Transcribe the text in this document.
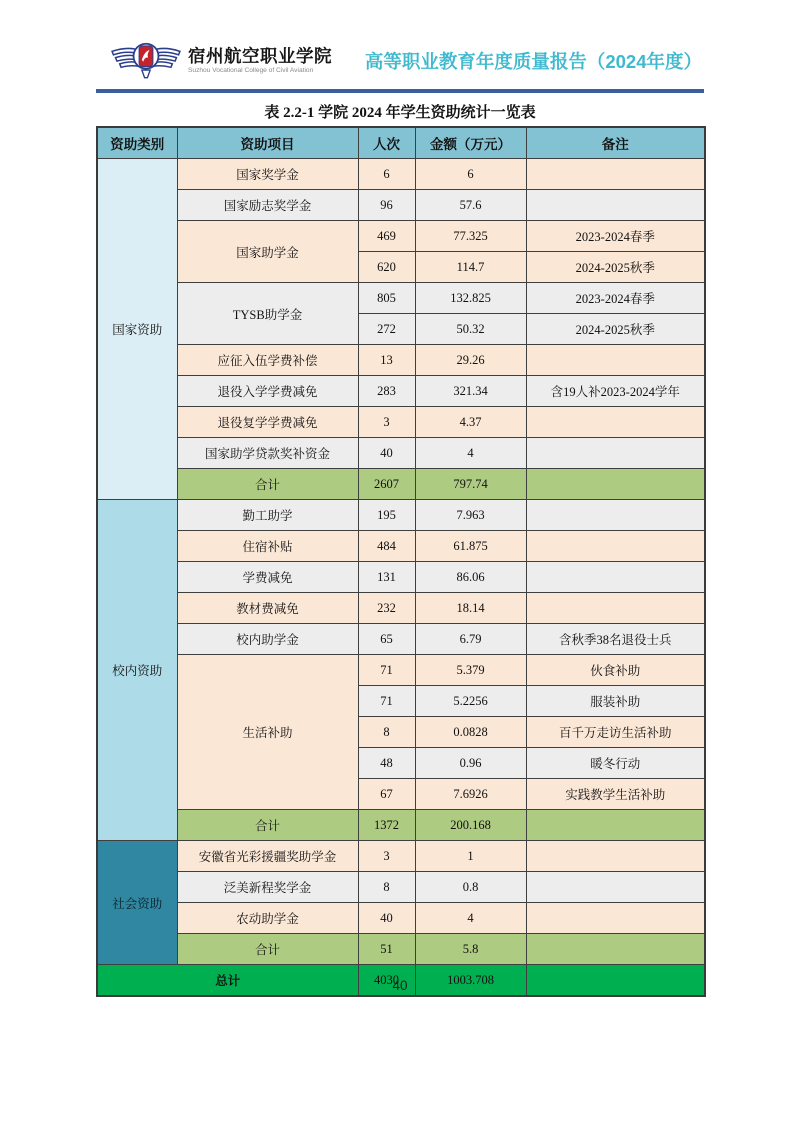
宿州航空职业学院
Suzhou Vocational College of Civil Aviation	高等职业教育年度质量报告（2024年度）
表 2.2-1 学院 2024 年学生资助统计一览表
资助类别	资助项目	人次	金额（万元）	备注
国家资助	国家奖学金	6	6	
	国家励志奖学金	96	57.6	
	国家助学金	469	77.325	2023-2024春季
		620	114.7	2024-2025秋季
	TYSB助学金	805	132.825	2023-2024春季
		272	50.32	2024-2025秋季
	应征入伍学费补偿	13	29.26	
	退役入学学费减免	283	321.34	含19人补2023-2024学年
	退役复学学费减免	3	4.37	
	国家助学贷款奖补资金	40	4	
	合计	2607	797.74	
校内资助	勤工助学	195	7.963	
	住宿补贴	484	61.875	
	学费减免	131	86.06	
	教材费减免	232	18.14	
	校内助学金	65	6.79	含秋季38名退役士兵
	生活补助	71	5.379	伙食补助
		71	5.2256	服装补助
		8	0.0828	百千万走访生活补助
		48	0.96	暖冬行动
		67	7.6926	实践教学生活补助
	合计	1372	200.168	
社会资助	安徽省光彩援疆奖助学金	3	1	
	泛美新程奖学金	8	0.8	
	农动助学金	40	4	
	合计	51	5.8	
总计		4030	1003.708	
40
